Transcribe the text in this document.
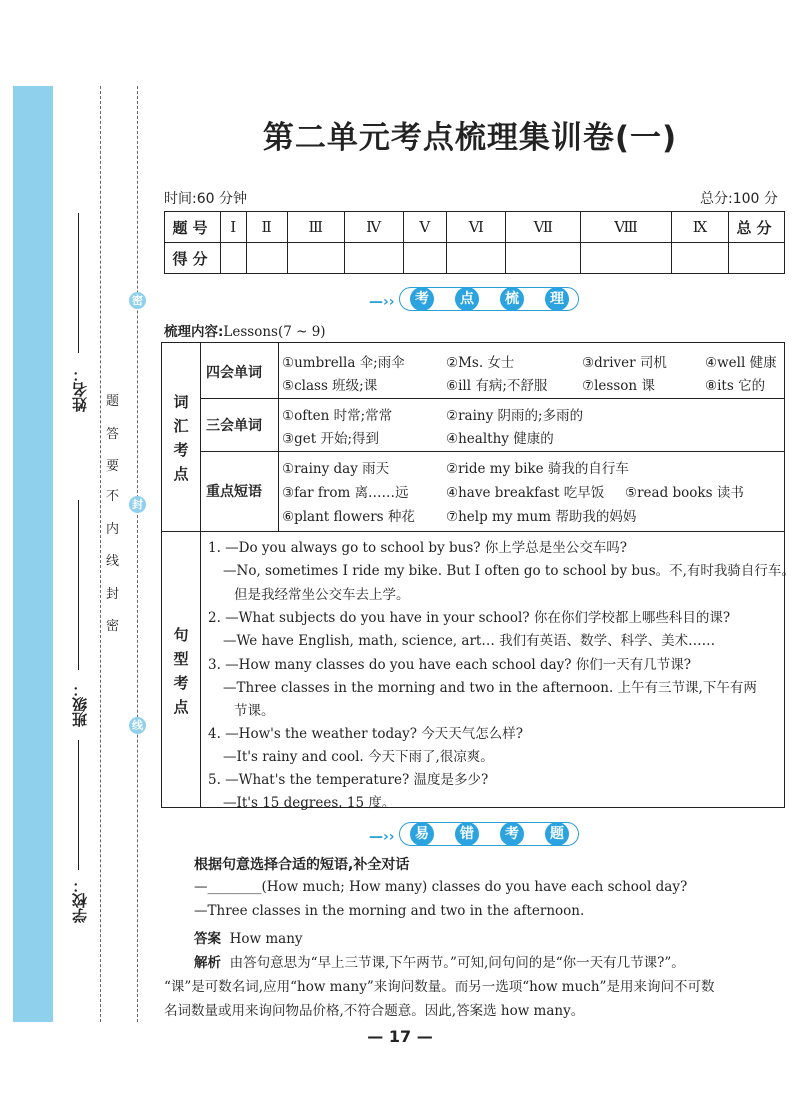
姓名：
班级：
学校：
题
答
要
不
内
线
封
密
密
封
线
第二单元考点梳理集训卷(一)
时间:60 分钟	总分:100 分
题号	Ⅰ	Ⅱ	Ⅲ	Ⅳ	Ⅴ	Ⅵ	Ⅶ	Ⅷ	Ⅸ	总分
得分										
—››	考	点	梳	理
梳理内容:Lessons(7 ~ 9)
词
汇
考
点
四会单词
①umbrella 伞;雨伞	②Ms. 女士	③driver 司机	④well 健康
⑤class 班级;课	⑥ill 有病;不舒服	⑦lesson 课	⑧its 它的
三会单词
①often 时常;常常	②rainy 阴雨的;多雨的
③get 开始;得到	④healthy 健康的
重点短语
①rainy day 雨天	②ride my bike 骑我的自行车
③far from 离……远	④have breakfast 吃早饭 ⑤read books 读书
⑥plant flowers 种花 ⑦help my mum 帮助我的妈妈
句
型
考
点
1. —Do you always go to school by bus? 你上学总是坐公交车吗?
—No, sometimes I ride my bike. But I often go to school by bus。不,有时我骑自行车。
但是我经常坐公交车去上学。
2. —What subjects do you have in your school? 你在你们学校都上哪些科目的课?
—We have English, math, science, art… 我们有英语、数学、科学、美术……
3. —How many classes do you have each school day? 你们一天有几节课?
—Three classes in the morning and two in the afternoon. 上午有三节课,下午有两
节课。
4. —How's the weather today? 今天天气怎么样?
—It's rainy and cool. 今天下雨了,很凉爽。
5. —What's the temperature? 温度是多少?
—It's 15 degrees. 15 度。
—››	易	错	考	题
根据句意选择合适的短语,补全对话
—________(How much; How many) classes do you have each school day?
—Three classes in the morning and two in the afternoon.
答案 How many
解析 由答句意思为“早上三节课,下午两节。”可知,问句问的是“你一天有几节课?”。
“课”是可数名词,应用“how many”来询问数量。而另一选项“how much”是用来询问不可数
名词数量或用来询问物品价格,不符合题意。因此,答案选 how many。
— 17 —
